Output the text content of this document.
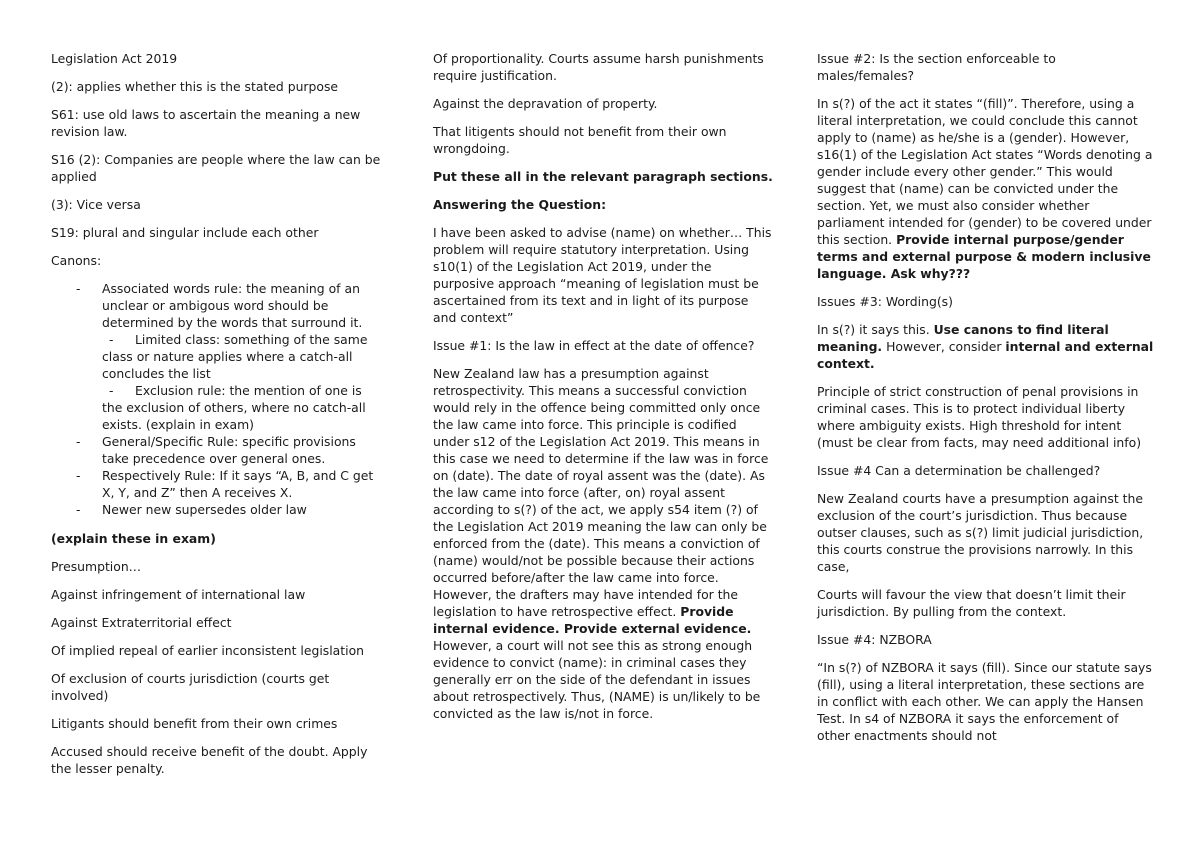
Legislation Act 2019

(2): applies whether this is the stated purpose

S61: use old laws to ascertain the meaning a new revision law.

S16 (2): Companies are people where the law can be applied

(3): Vice versa

S19: plural and singular include each other

Canons:

- Associated words rule: the meaning of an unclear or ambigous word should be determined by the words that surround it.
- Limited class: something of the same class or nature applies where a catch-all concludes the list
- Exclusion rule: the mention of one is the exclusion of others, where no catch-all exists. (explain in exam)
- General/Specific Rule: specific provisions take precedence over general ones.
- Respectively Rule: If it says “A, B, and C get X, Y, and Z” then A receives X.
- Newer new supersedes older law

(explain these in exam)

Presumption…

Against infringement of international law

Against Extraterritorial effect

Of implied repeal of earlier inconsistent legislation

Of exclusion of courts jurisdiction (courts get involved)

Litigants should benefit from their own crimes

Accused should receive benefit of the doubt. Apply the lesser penalty.

Of proportionality. Courts assume harsh punishments require justification.

Against the depravation of property.

That litigents should not benefit from their own wrongdoing.

Put these all in the relevant paragraph sections.

Answering the Question:

I have been asked to advise (name) on whether… This problem will require statutory interpretation. Using s10(1) of the Legislation Act 2019, under the purposive approach “meaning of legislation must be ascertained from its text and in light of its purpose and context”

Issue #1: Is the law in effect at the date of offence?

New Zealand law has a presumption against retrospectivity. This means a successful conviction would rely in the offence being committed only once the law came into force. This principle is codified under s12 of the Legislation Act 2019. This means in this case we need to determine if the law was in force on (date). The date of royal assent was the (date). As the law came into force (after, on) royal assent according to s(?) of the act, we apply s54 item (?) of the Legislation Act 2019 meaning the law can only be enforced from the (date). This means a conviction of (name) would/not be possible because their actions occurred before/after the law came into force. However, the drafters may have intended for the legislation to have retrospective effect. Provide internal evidence. Provide external evidence. However, a court will not see this as strong enough evidence to convict (name): in criminal cases they generally err on the side of the defendant in issues about retrospectively. Thus, (NAME) is un/likely to be convicted as the law is/not in force.

Issue #2: Is the section enforceable to males/females?

In s(?) of the act it states “(fill)”. Therefore, using a literal interpretation, we could conclude this cannot apply to (name) as he/she is a (gender). However, s16(1) of the Legislation Act states “Words denoting a gender include every other gender.” This would suggest that (name) can be convicted under the section. Yet, we must also consider whether parliament intended for (gender) to be covered under this section. Provide internal purpose/gender terms and external purpose & modern inclusive language. Ask why???

Issues #3: Wording(s)

In s(?) it says this. Use canons to find literal meaning. However, consider internal and external context.

Principle of strict construction of penal provisions in criminal cases. This is to protect individual liberty where ambiguity exists. High threshold for intent (must be clear from facts, may need additional info)

Issue #4 Can a determination be challenged?

New Zealand courts have a presumption against the exclusion of the court’s jurisdiction. Thus because outser clauses, such as s(?) limit judicial jurisdiction, this courts construe the provisions narrowly. In this case,

Courts will favour the view that doesn’t limit their jurisdiction. By pulling from the context.

Issue #4: NZBORA

“In s(?) of NZBORA it says (fill). Since our statute says (fill), using a literal interpretation, these sections are in conflict with each other. We can apply the Hansen Test. In s4 of NZBORA it says the enforcement of other enactments should not
